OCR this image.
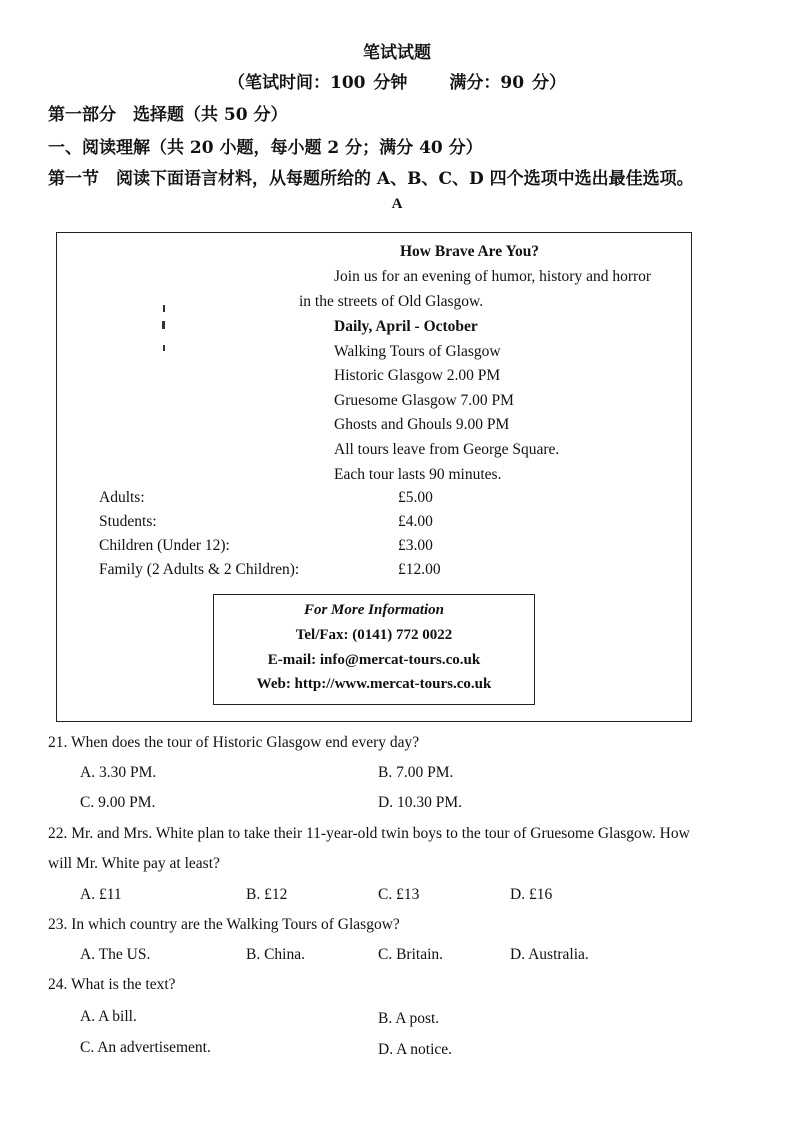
笔试试题
（笔试时间：100 分钟 满分：90 分）
第一部分　选择题（共 50 分）
一、阅读理解（共 20 小题，每小题 2 分；满分 40 分）
第一节　阅读下面语言材料，从每题所给的 A、B、C、D 四个选项中选出最佳选项。
A
How Brave Are You?
Join us for an evening of humor, history and horror
in the streets of Old Glasgow.
Daily, April - October
Walking Tours of Glasgow
Historic Glasgow 2.00 PM
Gruesome Glasgow 7.00 PM
Ghosts and Ghouls 9.00 PM
All tours leave from George Square.
Each tour lasts 90 minutes.
Adults:	£5.00
Students:	£4.00
Children (Under 12):	£3.00
Family (2 Adults & 2 Children):	£12.00
For More Information
Tel/Fax: (0141) 772 0022
E-mail: info@mercat-tours.co.uk
Web: http://www.mercat-tours.co.uk
21. When does the tour of Historic Glasgow end every day?
A. 3.30 PM.	B. 7.00 PM.
C. 9.00 PM.	D. 10.30 PM.
22. Mr. and Mrs. White plan to take their 11-year-old twin boys to the tour of Gruesome Glasgow. How
will Mr. White pay at least?
A. £11	B. £12	C. £13	D. £16
23. In which country are the Walking Tours of Glasgow?
A. The US.	B. China.	C. Britain.	D. Australia.
24. What is the text?
A. A bill.	B. A post.
C. An advertisement.	D. A notice.
